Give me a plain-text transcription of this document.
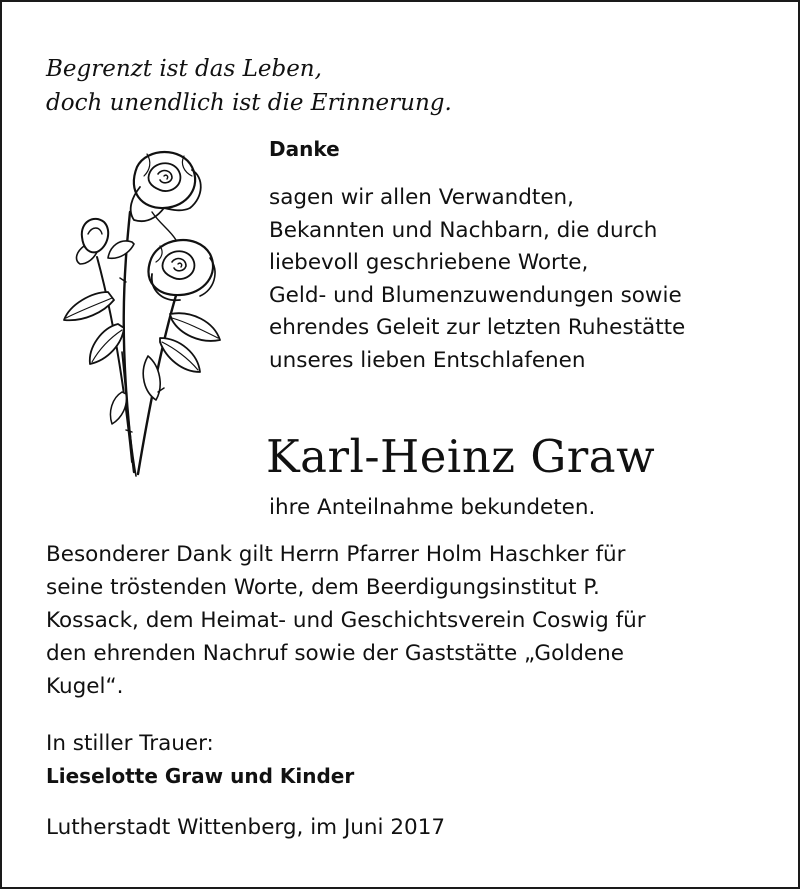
Begrenzt ist das Leben,
doch unendlich ist die Erinnerung.

Danke

sagen wir allen Verwandten,
Bekannten und Nachbarn, die durch
liebevoll geschriebene Worte,
Geld- und Blumenzuwendungen sowie
ehrendes Geleit zur letzten Ruhestätte
unseres lieben Entschlafenen

Karl-Heinz Graw

ihre Anteilnahme bekundeten.

Besonderer Dank gilt Herrn Pfarrer Holm Haschker für
seine tröstenden Worte, dem Beerdigungsinstitut P.
Kossack, dem Heimat- und Geschichtsverein Coswig für
den ehrenden Nachruf sowie der Gaststätte „Goldene
Kugel“.

In stiller Trauer:

Lieselotte Graw und Kinder

Lutherstadt Wittenberg, im Juni 2017
